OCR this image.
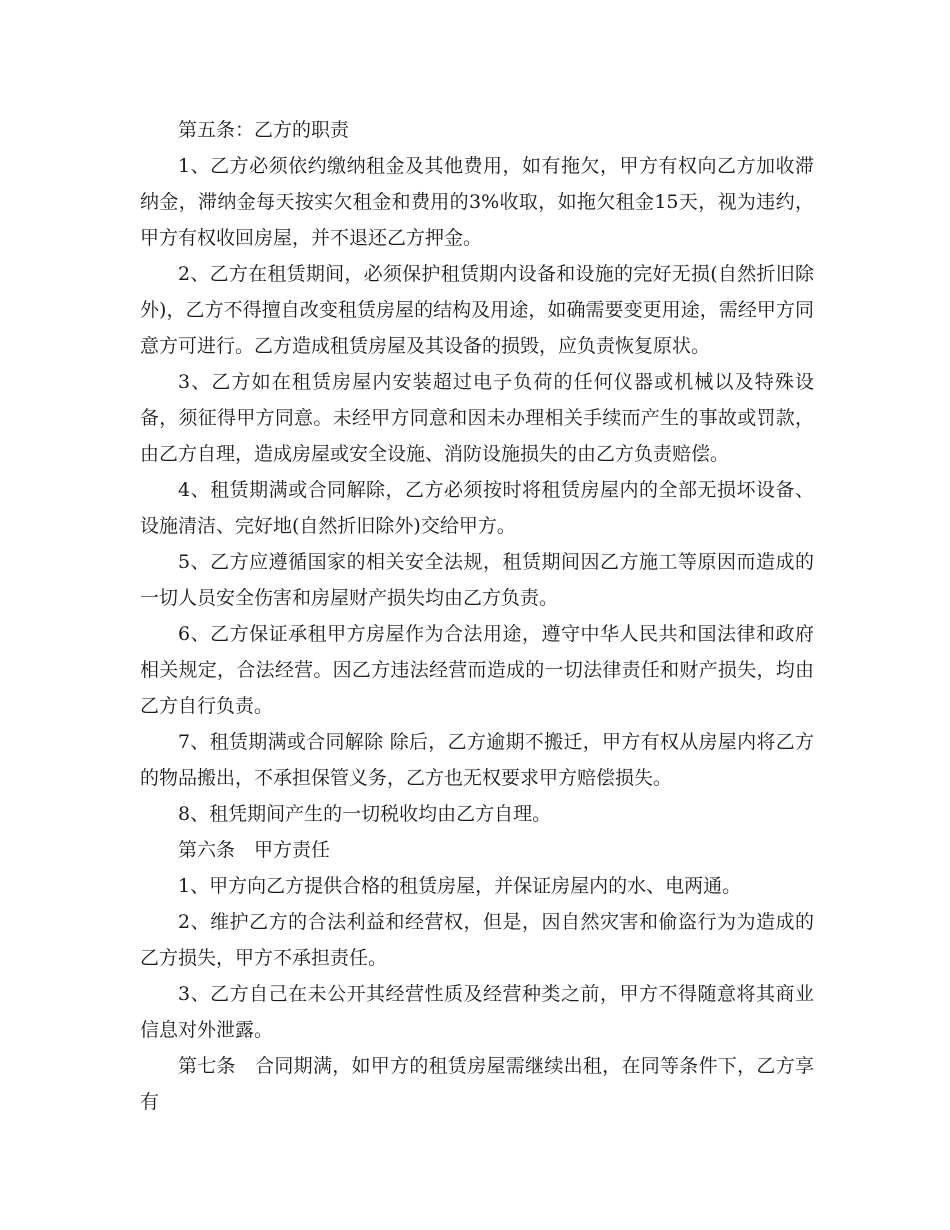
第五条：乙方的职责

1、乙方必须依约缴纳租金及其他费用，如有拖欠，甲方有权向乙方加收滞纳金，滞纳金每天按实欠租金和费用的3%收取，如拖欠租金15天，视为违约，甲方有权收回房屋，并不退还乙方押金。

2、乙方在租赁期间，必须保护租赁期内设备和设施的完好无损(自然折旧除外)，乙方不得擅自改变租赁房屋的结构及用途，如确需要变更用途，需经甲方同意方可进行。乙方造成租赁房屋及其设备的损毁，应负责恢复原状。

3、乙方如在租赁房屋内安装超过电子负荷的任何仪器或机械以及特殊设备，须征得甲方同意。未经甲方同意和因未办理相关手续而产生的事故或罚款，由乙方自理，造成房屋或安全设施、消防设施损失的由乙方负责赔偿。

4、租赁期满或合同解除，乙方必须按时将租赁房屋内的全部无损坏设备、设施清洁、完好地(自然折旧除外)交给甲方。

5、乙方应遵循国家的相关安全法规，租赁期间因乙方施工等原因而造成的一切人员安全伤害和房屋财产损失均由乙方负责。

6、乙方保证承租甲方房屋作为合法用途，遵守中华人民共和国法律和政府相关规定，合法经营。因乙方违法经营而造成的一切法律责任和财产损失，均由乙方自行负责。

7、租赁期满或合同解除 除后，乙方逾期不搬迁，甲方有权从房屋内将乙方的物品搬出，不承担保管义务，乙方也无权要求甲方赔偿损失。

8、租凭期间产生的一切税收均由乙方自理。

第六条　甲方责任

1、甲方向乙方提供合格的租赁房屋，并保证房屋内的水、电两通。

2、维护乙方的合法利益和经营权，但是，因自然灾害和偷盗行为为造成的乙方损失，甲方不承担责任。

3、乙方自己在未公开其经营性质及经营种类之前，甲方不得随意将其商业信息对外泄露。

第七条　合同期满，如甲方的租赁房屋需继续出租，在同等条件下，乙方享有
